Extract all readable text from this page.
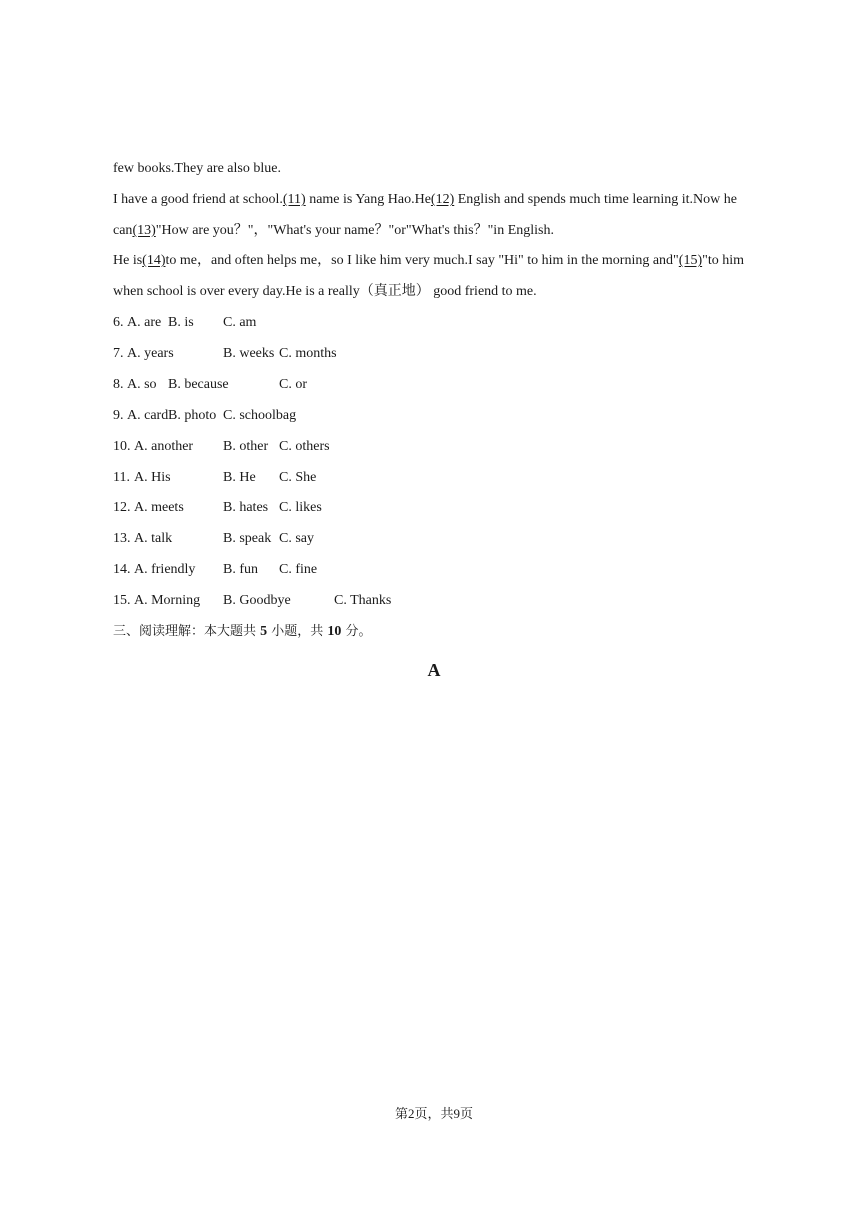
few books.They are also blue.
I have a good friend at school.(11) name is Yang Hao.He(12) English and spends much time learning it.Now he
can(13)"How are you？"，"What's your name？"or"What's this？"in English.
He is(14)to me，and often helps me，so I like him very much.I say "Hi" to him in the morning and"(15)"to him
when school is over every day.He is a really（真正地） good friend to me.
6. A. are B. is C. am
7. A. years	B. weeks C. months
8. A. so B. because	C. or
9. A. card B. photo C. schoolbag
10. A. another B. other C. others
11. A. His	B. He C. She
12. A. meets	B. hates C. likes
13. A. talk	B. speak C. say
14. A. friendly B. fun C. fine
15. A. Morning B. Goodbye	C. Thanks
三、阅读理解：本大题共 5 小题，共 10 分。
A
第2页，共9页
